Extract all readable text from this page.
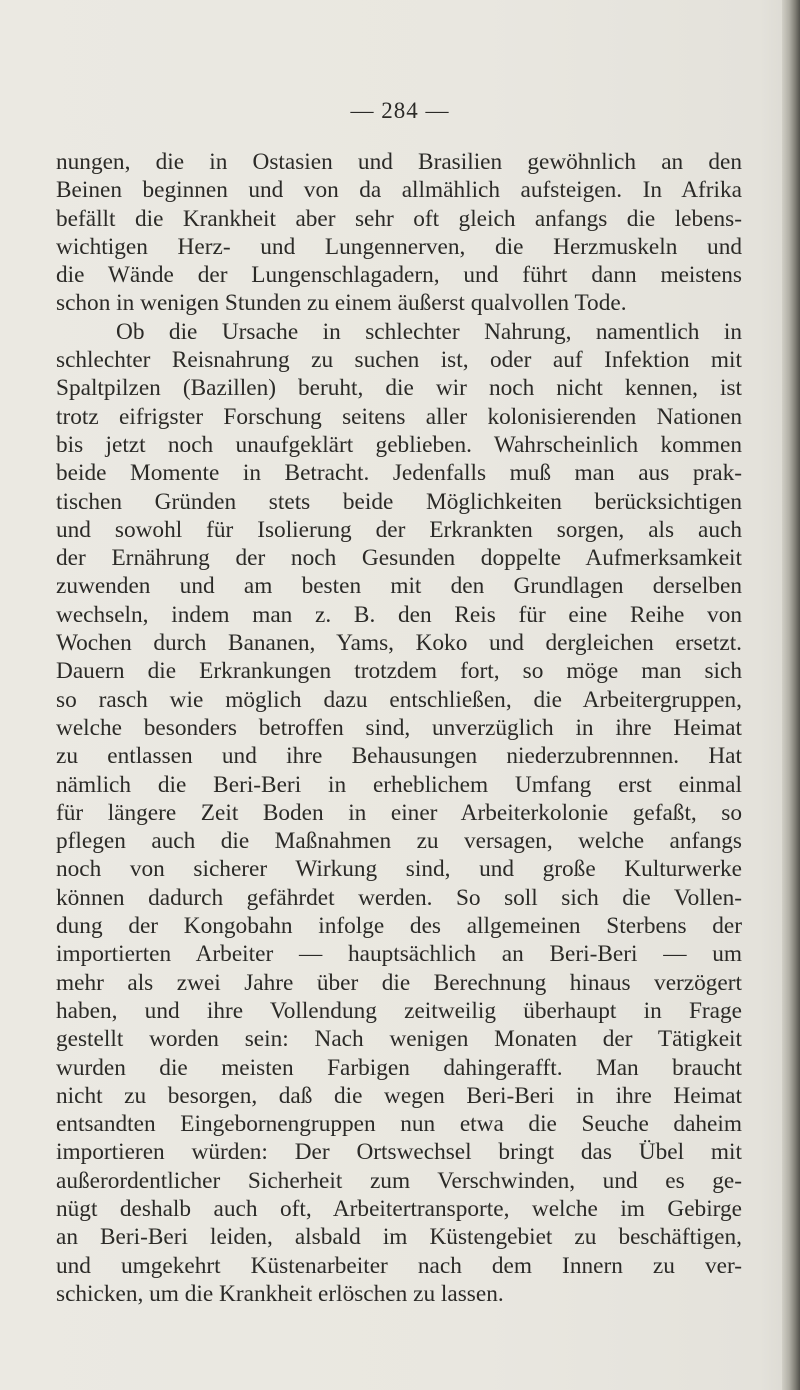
— 284 —
nungen, die in Ostasien und Brasilien gewöhnlich an den
Beinen beginnen und von da allmählich aufsteigen. In Afrika
befällt die Krankheit aber sehr oft gleich anfangs die lebens-
wichtigen Herz- und Lungennerven, die Herzmuskeln und
die Wände der Lungenschlagadern, und führt dann meistens
schon in wenigen Stunden zu einem äußerst qualvollen Tode.
Ob die Ursache in schlechter Nahrung, namentlich in
schlechter Reisnahrung zu suchen ist, oder auf Infektion mit
Spaltpilzen (Bazillen) beruht, die wir noch nicht kennen, ist
trotz eifrigster Forschung seitens aller kolonisierenden Nationen
bis jetzt noch unaufgeklärt geblieben. Wahrscheinlich kommen
beide Momente in Betracht. Jedenfalls muß man aus prak-
tischen Gründen stets beide Möglichkeiten berücksichtigen
und sowohl für Isolierung der Erkrankten sorgen, als auch
der Ernährung der noch Gesunden doppelte Aufmerksamkeit
zuwenden und am besten mit den Grundlagen derselben
wechseln, indem man z. B. den Reis für eine Reihe von
Wochen durch Bananen, Yams, Koko und dergleichen ersetzt.
Dauern die Erkrankungen trotzdem fort, so möge man sich
so rasch wie möglich dazu entschließen, die Arbeitergruppen,
welche besonders betroffen sind, unverzüglich in ihre Heimat
zu entlassen und ihre Behausungen niederzubrennnen. Hat
nämlich die Beri-Beri in erheblichem Umfang erst einmal
für längere Zeit Boden in einer Arbeiterkolonie gefaßt, so
pflegen auch die Maßnahmen zu versagen, welche anfangs
noch von sicherer Wirkung sind, und große Kulturwerke
können dadurch gefährdet werden. So soll sich die Vollen-
dung der Kongobahn infolge des allgemeinen Sterbens der
importierten Arbeiter — hauptsächlich an Beri-Beri — um
mehr als zwei Jahre über die Berechnung hinaus verzögert
haben, und ihre Vollendung zeitweilig überhaupt in Frage
gestellt worden sein: Nach wenigen Monaten der Tätigkeit
wurden die meisten Farbigen dahingerafft. Man braucht
nicht zu besorgen, daß die wegen Beri-Beri in ihre Heimat
entsandten Eingebornengruppen nun etwa die Seuche daheim
importieren würden: Der Ortswechsel bringt das Übel mit
außerordentlicher Sicherheit zum Verschwinden, und es ge-
nügt deshalb auch oft, Arbeitertransporte, welche im Gebirge
an Beri-Beri leiden, alsbald im Küstengebiet zu beschäftigen,
und umgekehrt Küstenarbeiter nach dem Innern zu ver-
schicken, um die Krankheit erlöschen zu lassen.
